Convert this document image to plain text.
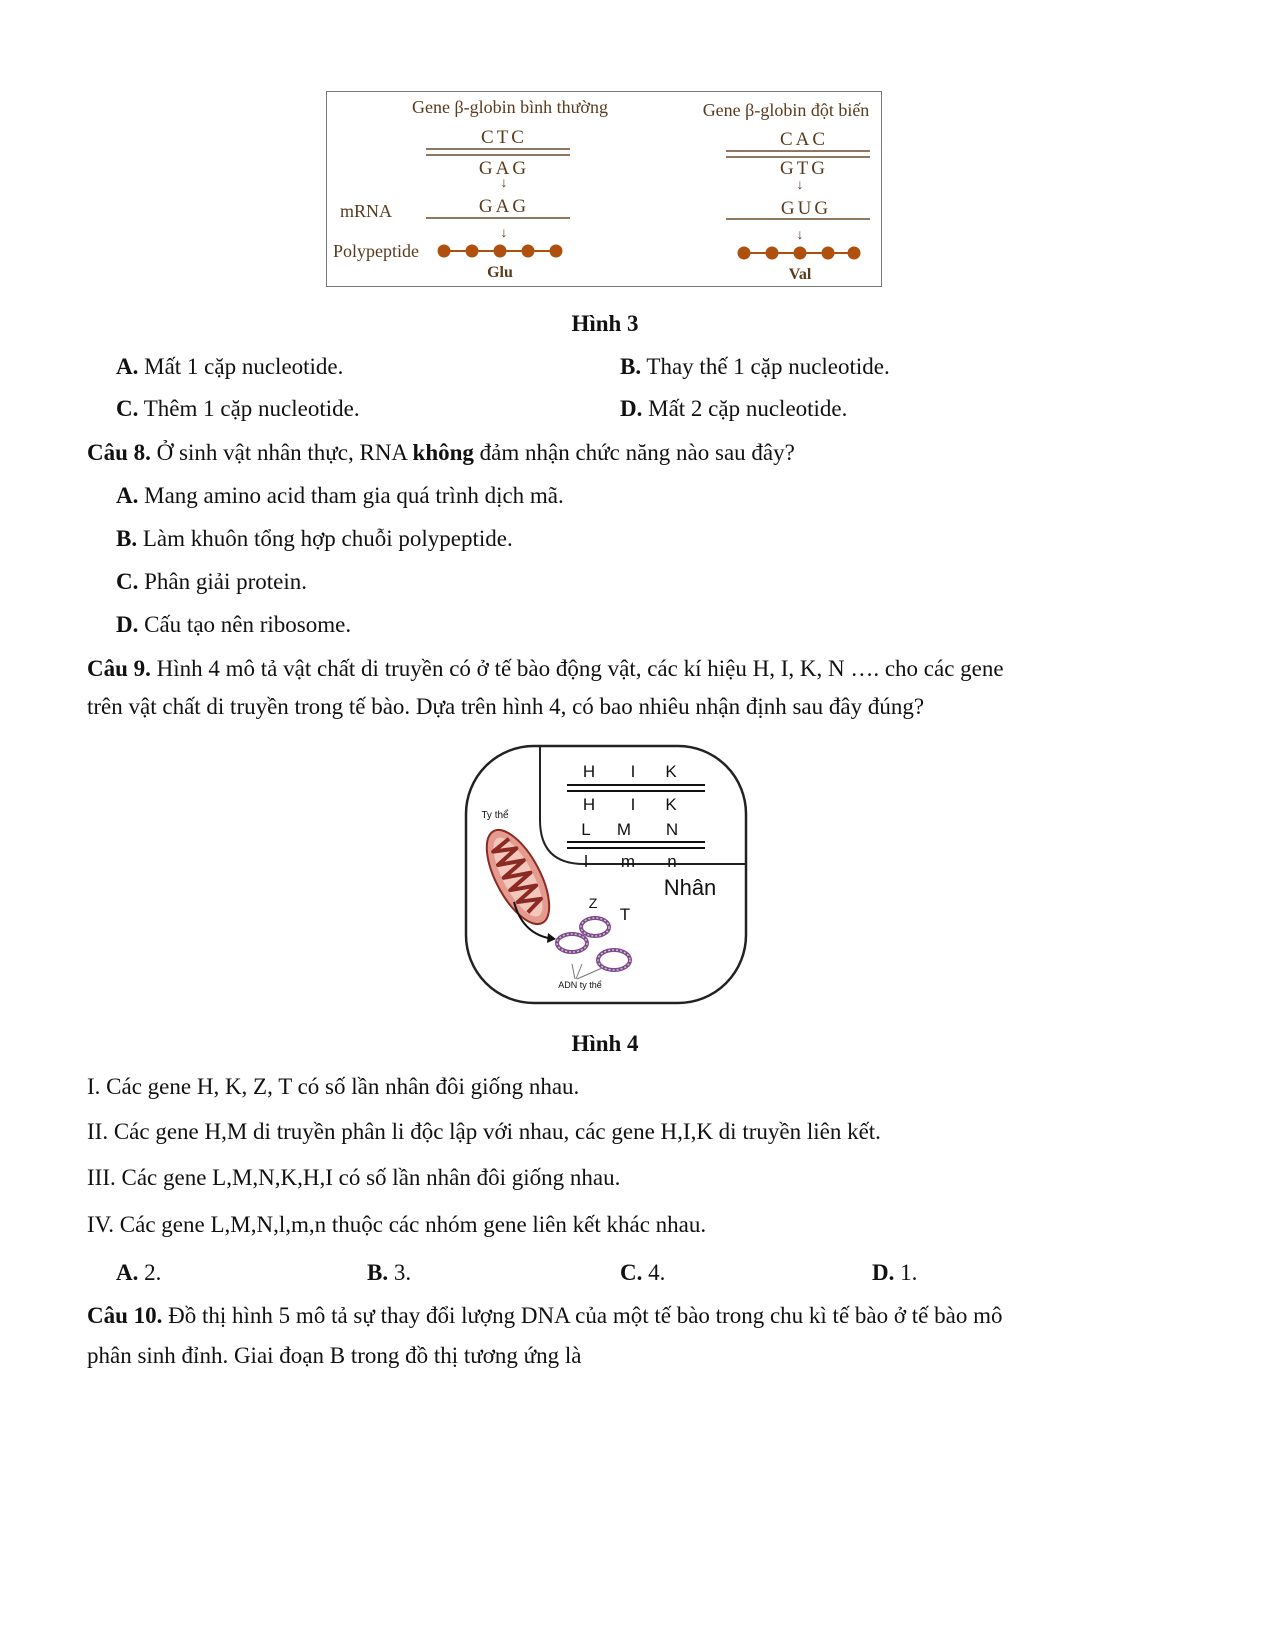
Gene β-globin bình thường	Gene β-globin đột biến
CTC
GAG
↓
mRNA	GAG
↓
Polypeptide
Glu
CAC
GTG
↓
GUG
↓
Val
Hình 3
A. Mất 1 cặp nucleotide.	B. Thay thế 1 cặp nucleotide.
C. Thêm 1 cặp nucleotide.	D. Mất 2 cặp nucleotide.
Câu 8. Ở sinh vật nhân thực, RNA không đảm nhận chức năng nào sau đây?
A. Mang amino acid tham gia quá trình dịch mã.
B. Làm khuôn tổng hợp chuỗi polypeptide.
C. Phân giải protein.
D. Cấu tạo nên ribosome.
Câu 9. Hình 4 mô tả vật chất di truyền có ở tế bào động vật, các kí hiệu H, I, K, N …. cho các gene
trên vật chất di truyền trong tế bào. Dựa trên hình 4, có bao nhiêu nhận định sau đây đúng?
H I K
H I K
L M N
l m n
Nhân
Ty thể
Z
T
ADN ty thể
Hình 4
I. Các gene H, K, Z, T có số lần nhân đôi giống nhau.
II. Các gene H,M di truyền phân li độc lập với nhau, các gene H,I,K di truyền liên kết.
III. Các gene L,M,N,K,H,I có số lần nhân đôi giống nhau.
IV. Các gene L,M,N,l,m,n thuộc các nhóm gene liên kết khác nhau.
A. 2.	B. 3.	C. 4.	D. 1.
Câu 10. Đồ thị hình 5 mô tả sự thay đổi lượng DNA của một tế bào trong chu kì tế bào ở tế bào mô
phân sinh đỉnh. Giai đoạn B trong đồ thị tương ứng là
